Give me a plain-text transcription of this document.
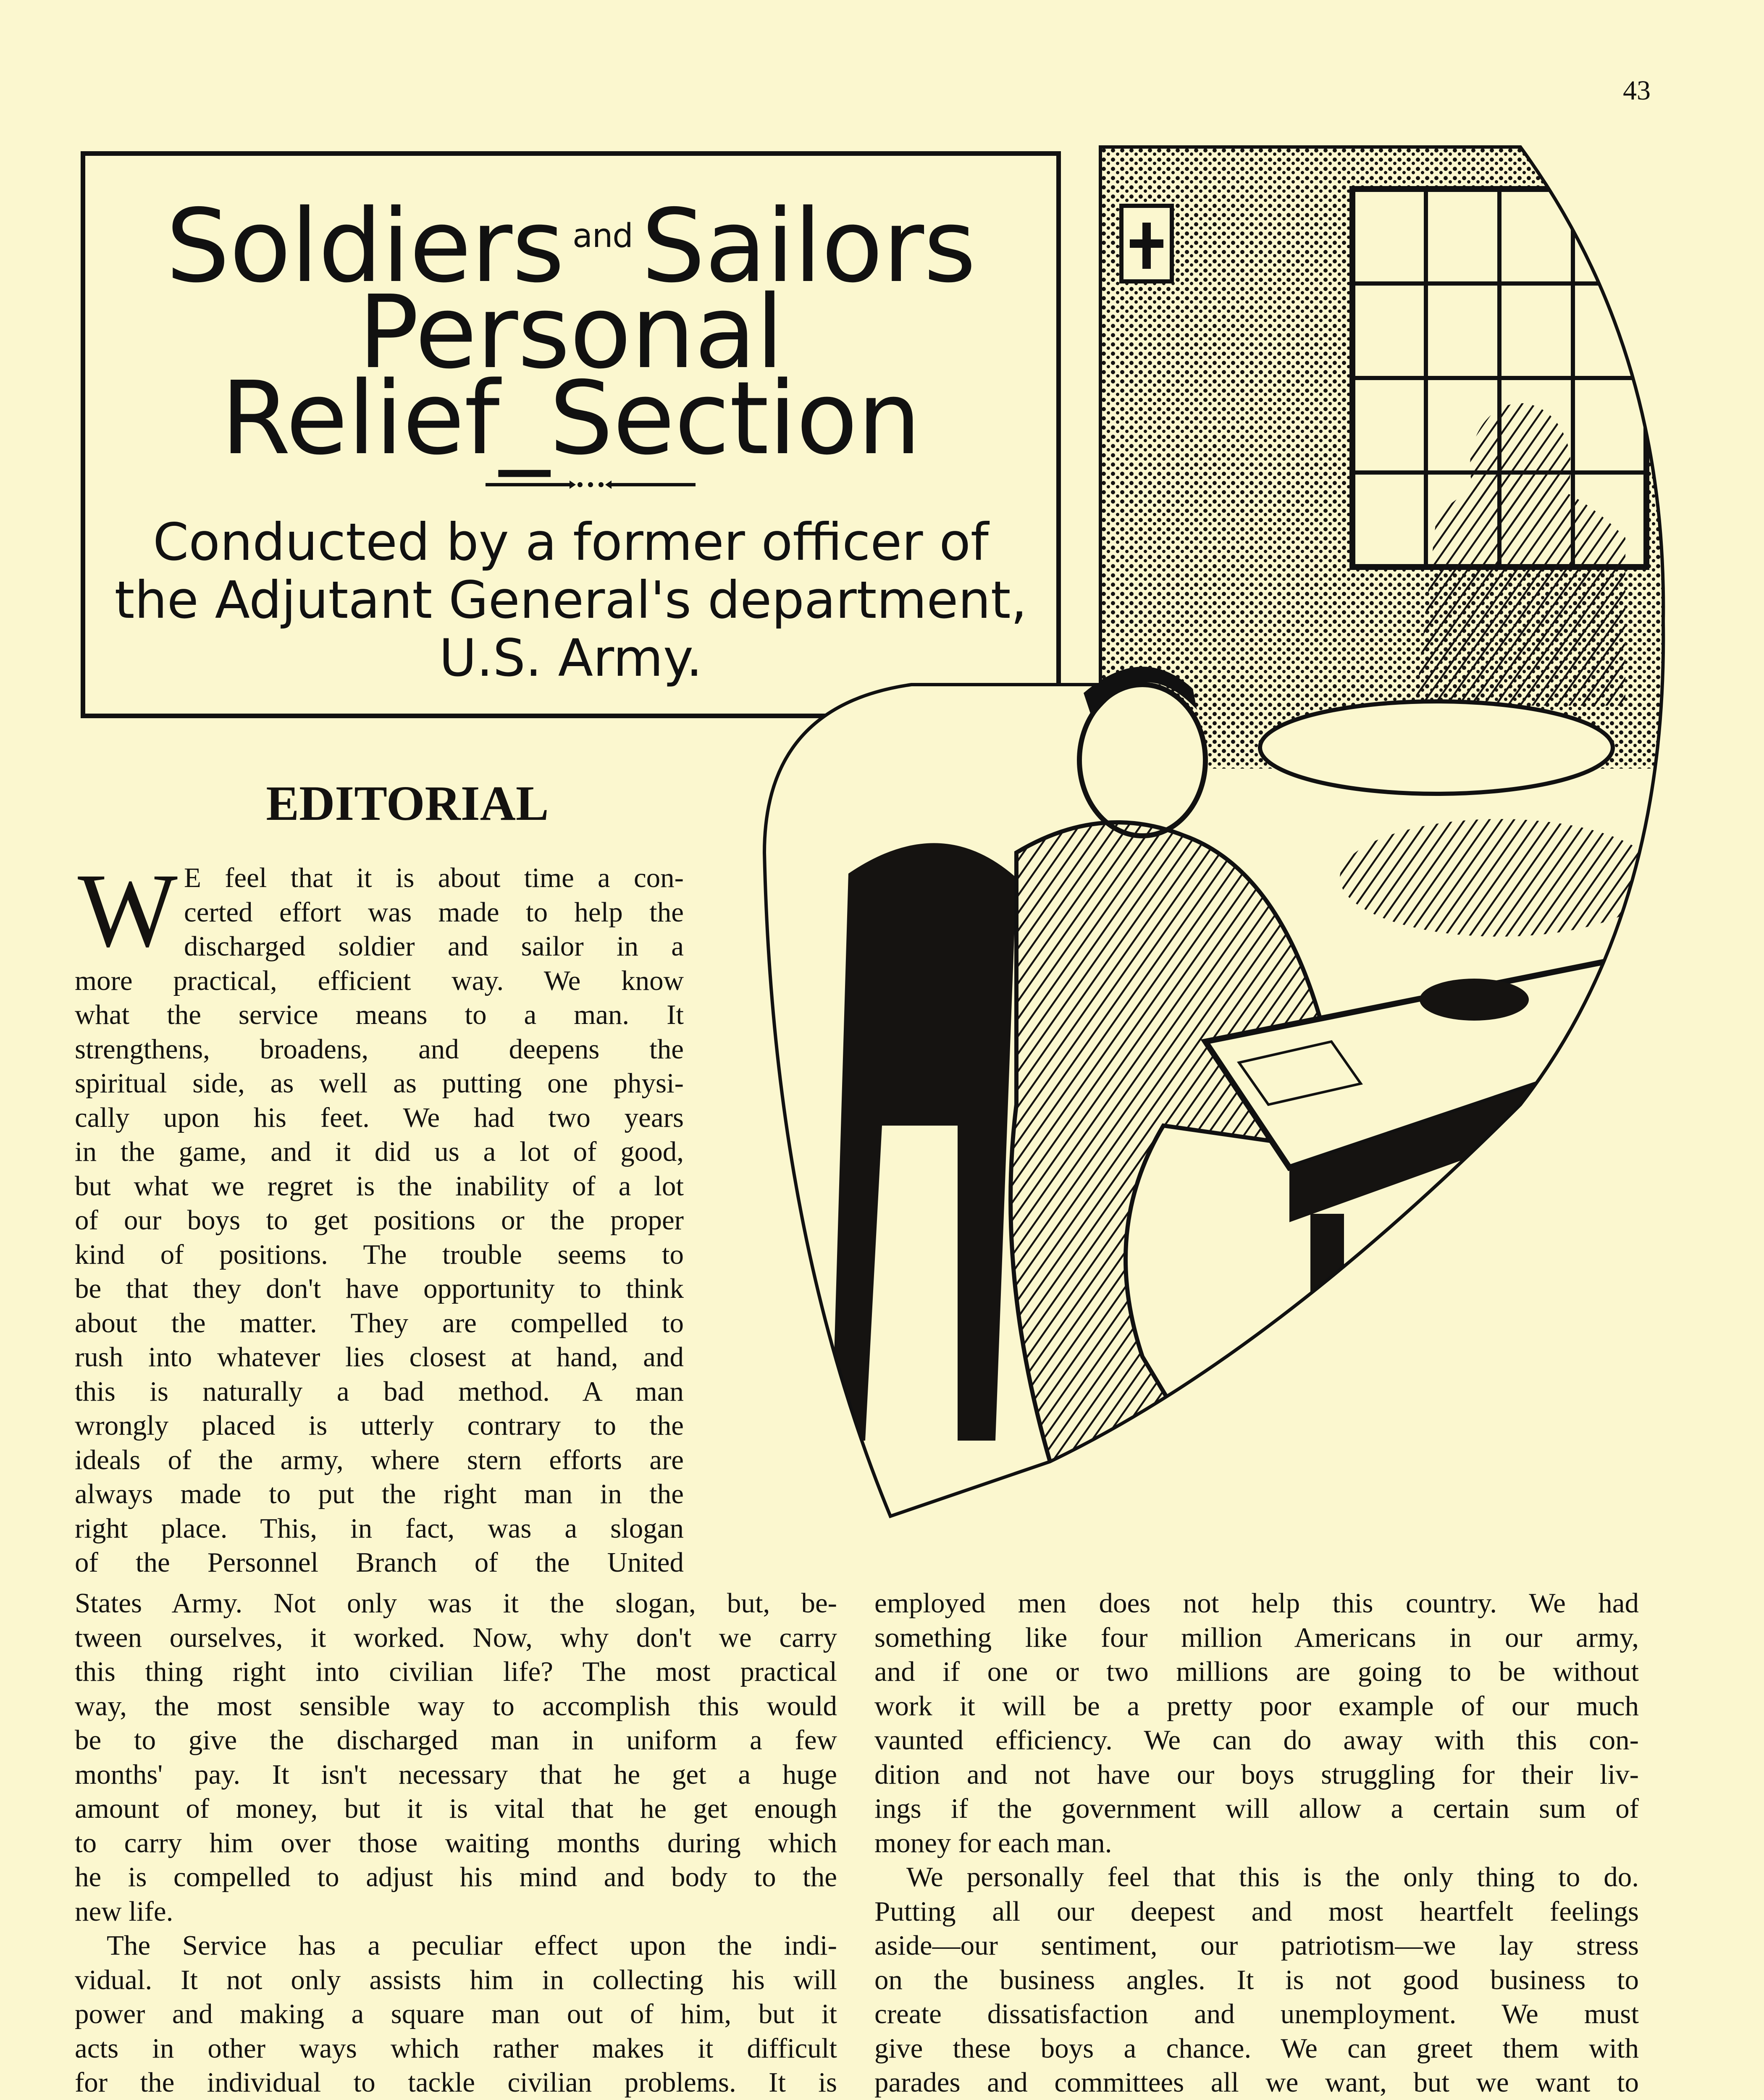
43
Soldiers $^{and}$Sailors
Personal
Relief_Section
Conducted by a former officer of
the Adjutant General's department,
U.S. Army.
EDITORIAL
W E feel that it is about time a con-
certed effort was made to help the
discharged soldier and sailor in a
more practical, efficient way. We know
what the service means to a man. It
strengthens, broadens, and deepens the
spiritual side, as well as putting one physi-
cally upon his feet. We had two years
in the game, and it did us a lot of good,
but what we regret is the inability of a lot
of our boys to get positions or the proper
kind of positions. The trouble seems to
be that they don't have opportunity to think
about the matter. They are compelled to
rush into whatever lies closest at hand, and
this is naturally a bad method. A man
wrongly placed is utterly contrary to the
ideals of the army, where stern efforts are
always made to put the right man in the
right place. This, in fact, was a slogan
of the Personnel Branch of the United
States Army. Not only was it the slogan, but, be-
tween ourselves, it worked. Now, why don't we carry
this thing right into civilian life? The most practical
way, the most sensible way to accomplish this would
be to give the discharged man in uniform a few
months' pay. It isn't necessary that he get a huge
amount of money, but it is vital that he get enough
to carry him over those waiting months during which
he is compelled to adjust his mind and body to the
new life.
The Service has a peculiar effect upon the indi-
vidual. It not only assists him in collecting his will
power and making a square man out of him, but it
acts in other ways which rather makes it difficult
for the individual to tackle civilian problems. It is
employed men does not help this country. We had
something like four million Americans in our army,
and if one or two millions are going to be without
work it will be a pretty poor example of our much
vaunted efficiency. We can do away with this con-
dition and not have our boys struggling for their liv-
ings if the government will allow a certain sum of
money for each man.
We personally feel that this is the only thing to do.
Putting all our deepest and most heartfelt feelings
aside—our sentiment, our patriotism—we lay stress
on the business angles. It is not good business to
create dissatisfaction and unemployment. We must
give these boys a chance. We can greet them with
parades and committees all we want, but we want to
